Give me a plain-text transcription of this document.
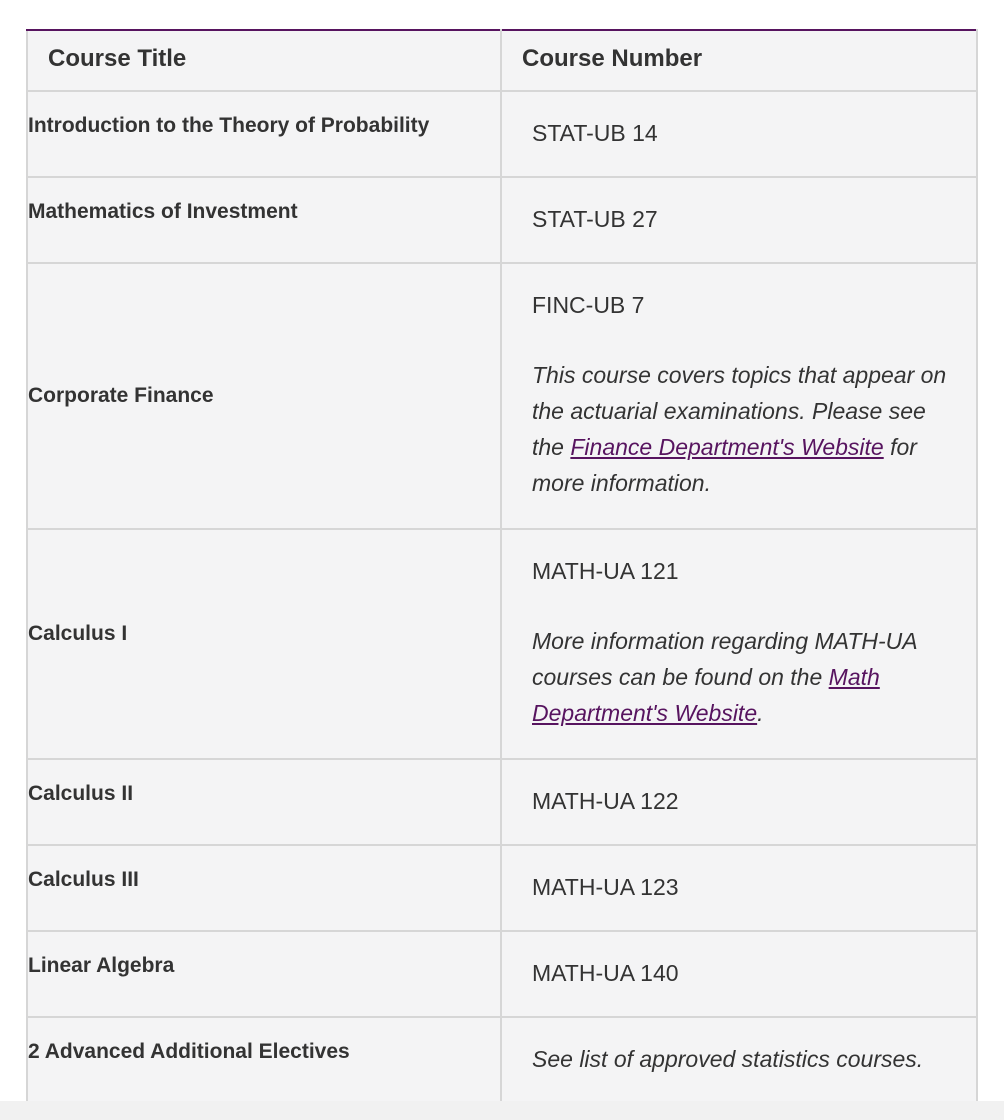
Course Title	Course Number
Introduction to the Theory of Probability	STAT-UB 14

Mathematics of Investment	STAT-UB 27

Corporate Finance	FINC-UB 7
This course covers topics that appear on the actuarial examinations. Please see the Finance Department's Website for more information.

Calculus I	MATH-UA 121
More information regarding MATH-UA courses can be found on the Math Department's Website.

Calculus II	MATH-UA 122

Calculus III	MATH-UA 123

Linear Algebra	MATH-UA 140

2 Advanced Additional Electives	See list of approved statistics courses.
